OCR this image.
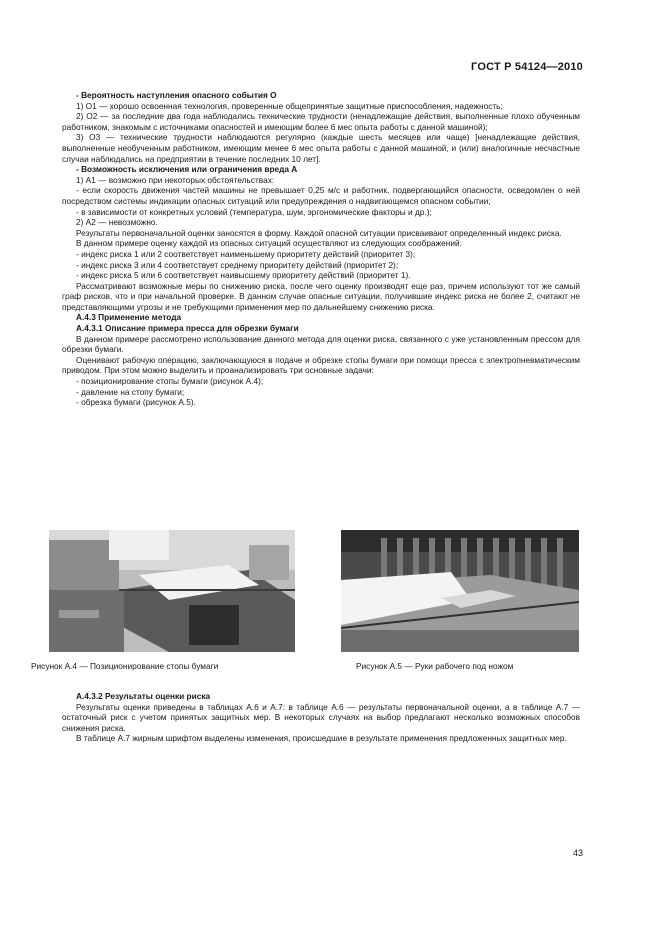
ГОСТ Р 54124—2010

- Вероятность наступления опасного события О

1) О1 — хорошо освоенная технология, проверенные общепринятые защитные приспособления, надежность;

2) О2 — за последние два года наблюдались технические трудности (ненадлежащие действия, выполненные плохо обученным работником, знакомым с источниками опасностей и имеющим более 6 мес опыта работы с данной машиной);

3) О3 — технические трудности наблюдаются регулярно (каждые шесть месяцев или чаще) [ненадлежащие действия, выполненные необученным работником, имеющим менее 6 мес опыта работы с данной машиной, и (или) аналогичные несчастные случаи наблюдались на предприятии в течение последних 10 лет].

- Возможность исключения или ограничения вреда А

1) А1 — возможно при некоторых обстоятельствах:

- если скорость движения частей машины не превышает 0,25 м/с и работник, подвергающийся опасности, осведомлен о ней посредством системы индикации опасных ситуаций или предупреждения о надвигающемся опасном событии;

- в зависимости от конкретных условий (температура, шум, эргономические факторы и др.);

2) А2 — невозможно.

Результаты первоначальной оценки заносятся в форму. Каждой опасной ситуации присваивают определенный индекс риска.

В данном примере оценку каждой из опасных ситуаций осуществляют из следующих соображений:

- индекс риска 1 или 2 соответствует наименьшему приоритету действий (приоритет 3);

- индекс риска 3 или 4 соответствует среднему приоритету действий (приоритет 2);

- индекс риска 5 или 6 соответствует наивысшему приоритету действий (приоритет 1).

Рассматривают возможные меры по снижению риска, после чего оценку производят еще раз, причем используют тот же самый граф рисков, что и при начальной проверке. В данном случае опасные ситуации, получившие индекс риска не более 2, считают не представляющими угрозы и не требующими применения мер по дальнейшему снижению риска.

А.4.3 Применение метода

А.4.3.1 Описание примера пресса для обрезки бумаги

В данном примере рассмотрено использование данного метода для оценки риска, связанного с уже установленным прессом для обрезки бумаги.

Оценивают рабочую операцию, заключающуюся в подаче и обрезке стопы бумаги при помощи пресса с электропневматическим приводом. При этом можно выделить и проанализировать три основные задачи:

- позиционирование стопы бумаги (рисунок А.4);

- давление на стопу бумаги;

- обрезка бумаги (рисунок А.5).

Рисунок А.4 — Позиционирование стопы бумаги	Рисунок А.5 — Руки рабочего под ножом

А.4.3.2 Результаты оценки риска

Результаты оценки приведены в таблицах А.6 и А.7: в таблице А.6 — результаты первоначальной оценки, а в таблице А.7 — остаточный риск с учетом принятых защитных мер. В некоторых случаях на выбор предлагают несколько возможных способов снижения риска.

В таблице А.7 жирным шрифтом выделены изменения, происшедшие в результате применения предложенных защитных мер.

43
